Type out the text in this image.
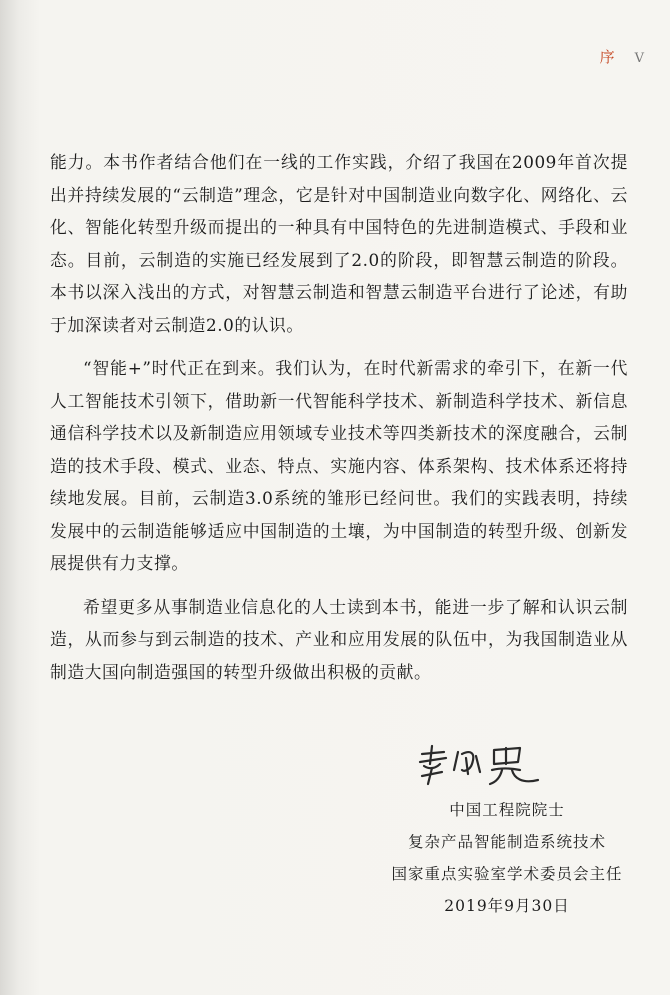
序 V

能力。本书作者结合他们在一线的工作实践，介绍了我国在2009年首次提出并持续发展的“云制造”理念，它是针对中国制造业向数字化、网络化、云化、智能化转型升级而提出的一种具有中国特色的先进制造模式、手段和业态。目前，云制造的实施已经发展到了2.0的阶段，即智慧云制造的阶段。本书以深入浅出的方式，对智慧云制造和智慧云制造平台进行了论述，有助于加深读者对云制造2.0的认识。

“智能+”时代正在到来。我们认为，在时代新需求的牵引下，在新一代人工智能技术引领下，借助新一代智能科学技术、新制造科学技术、新信息通信科学技术以及新制造应用领域专业技术等四类新技术的深度融合，云制造的技术手段、模式、业态、特点、实施内容、体系架构、技术体系还将持续地发展。目前，云制造3.0系统的雏形已经问世。我们的实践表明，持续发展中的云制造能够适应中国制造的土壤，为中国制造的转型升级、创新发展提供有力支撑。

希望更多从事制造业信息化的人士读到本书，能进一步了解和认识云制造，从而参与到云制造的技术、产业和应用发展的队伍中，为我国制造业从制造大国向制造强国的转型升级做出积极的贡献。

中国工程院院士
复杂产品智能制造系统技术
国家重点实验室学术委员会主任
2019年9月30日
